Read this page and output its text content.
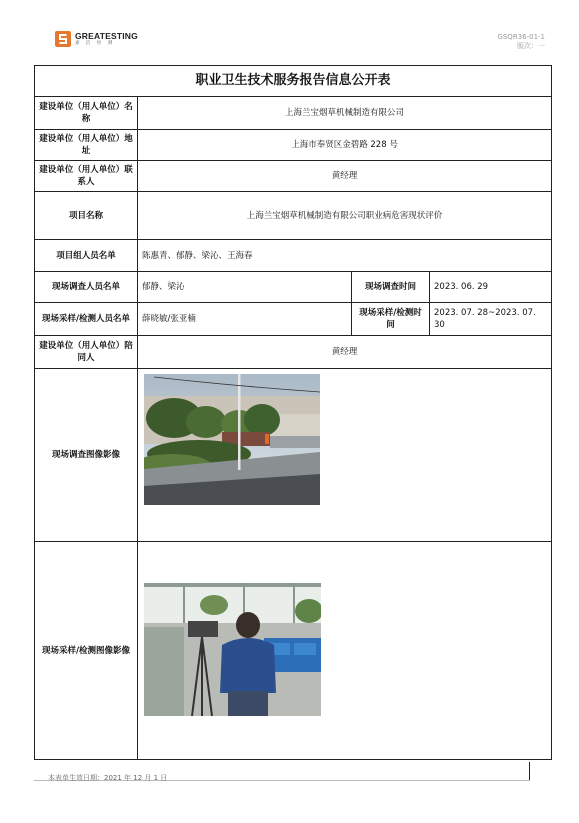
GREATESTING
嘉 信 检 测
GSQR36-01-1
版次：一
职业卫生技术服务报告信息公开表			
建设单位（用人单位）名称	上海兰宝烟草机械制造有限公司		
建设单位（用人单位）地址	上海市奉贤区金碧路 228 号		
建设单位（用人单位）联系人	黄经理		
项目名称	上海兰宝烟草机械制造有限公司职业病危害现状评价		
项目组人员名单	陈惠青、郁静、梁沁、王海春		
现场调查人员名单	郁静、梁沁	现场调查时间	2023. 06. 29
现场采样/检测人员名单	薛晓敏/张亚楠	现场采样/检测时间	2023. 07. 28~2023. 07. 30
建设单位（用人单位）陪同人	黄经理		
现场调查图像影像	

现场采样/检测图像影像	
本表单生效日期：2021 年 12 月 1 日
